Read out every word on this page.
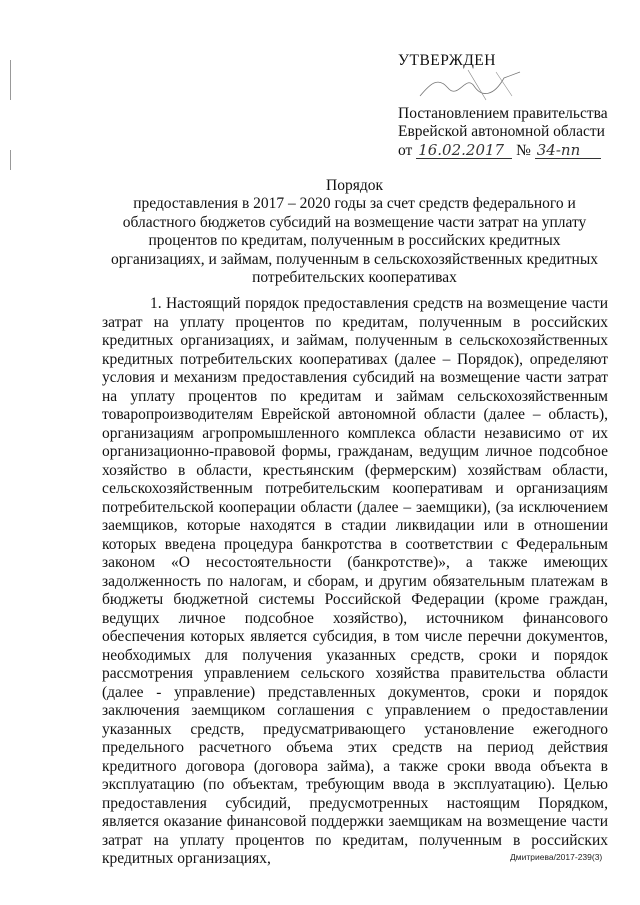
УТВЕРЖДЕН
Постановлением правительства
Еврейской автономной области
от 16.02.2017 № 34-пп
Порядок
предоставления в 2017 – 2020 годы за счет средств федерального и областного бюджетов субсидий на возмещение части затрат на уплату процентов по кредитам, полученным в российских кредитных организациях, и займам, полученным в сельскохозяйственных кредитных потребительских кооперативах

1. Настоящий порядок предоставления средств на возмещение части затрат на уплату процентов по кредитам, полученным в российских кредитных организациях, и займам, полученным в сельскохозяйственных кредитных потребительских кооперативах (далее – Порядок), определяют условия и механизм предоставления субсидий на возмещение части затрат на уплату процентов по кредитам и займам сельскохозяйственным товаропроизводителям Еврейской автономной области (далее – область), организациям агропромышленного комплекса области независимо от их организационно-правовой формы, гражданам, ведущим личное подсобное хозяйство в области, крестьянским (фермерским) хозяйствам области, сельскохозяйственным потребительским кооперативам и организациям потребительской кооперации области (далее – заемщики), (за исключением заемщиков, которые находятся в стадии ликвидации или в отношении которых введена процедура банкротства в соответствии с Федеральным законом «О несостоятельности (банкротстве)», а также имеющих задолженность по налогам, и сборам, и другим обязательным платежам в бюджеты бюджетной системы Российской Федерации (кроме граждан, ведущих личное подсобное хозяйство), источником финансового обеспечения которых является субсидия, в том числе перечни документов, необходимых для получения указанных средств, сроки и порядок рассмотрения управлением сельского хозяйства правительства области (далее - управление) представленных документов, сроки и порядок заключения заемщиком соглашения с управлением о предоставлении указанных средств, предусматривающего установление ежегодного предельного расчетного объема этих средств на период действия кредитного договора (договора займа), а также сроки ввода объекта в эксплуатацию (по объектам, требующим ввода в эксплуатацию). Целью предоставления субсидий, предусмотренных настоящим Порядком, является оказание финансовой поддержки заемщикам на возмещение части затрат на уплату процентов по кредитам, полученным в российских кредитных организациях,	Дмитриева/2017-239(3)
